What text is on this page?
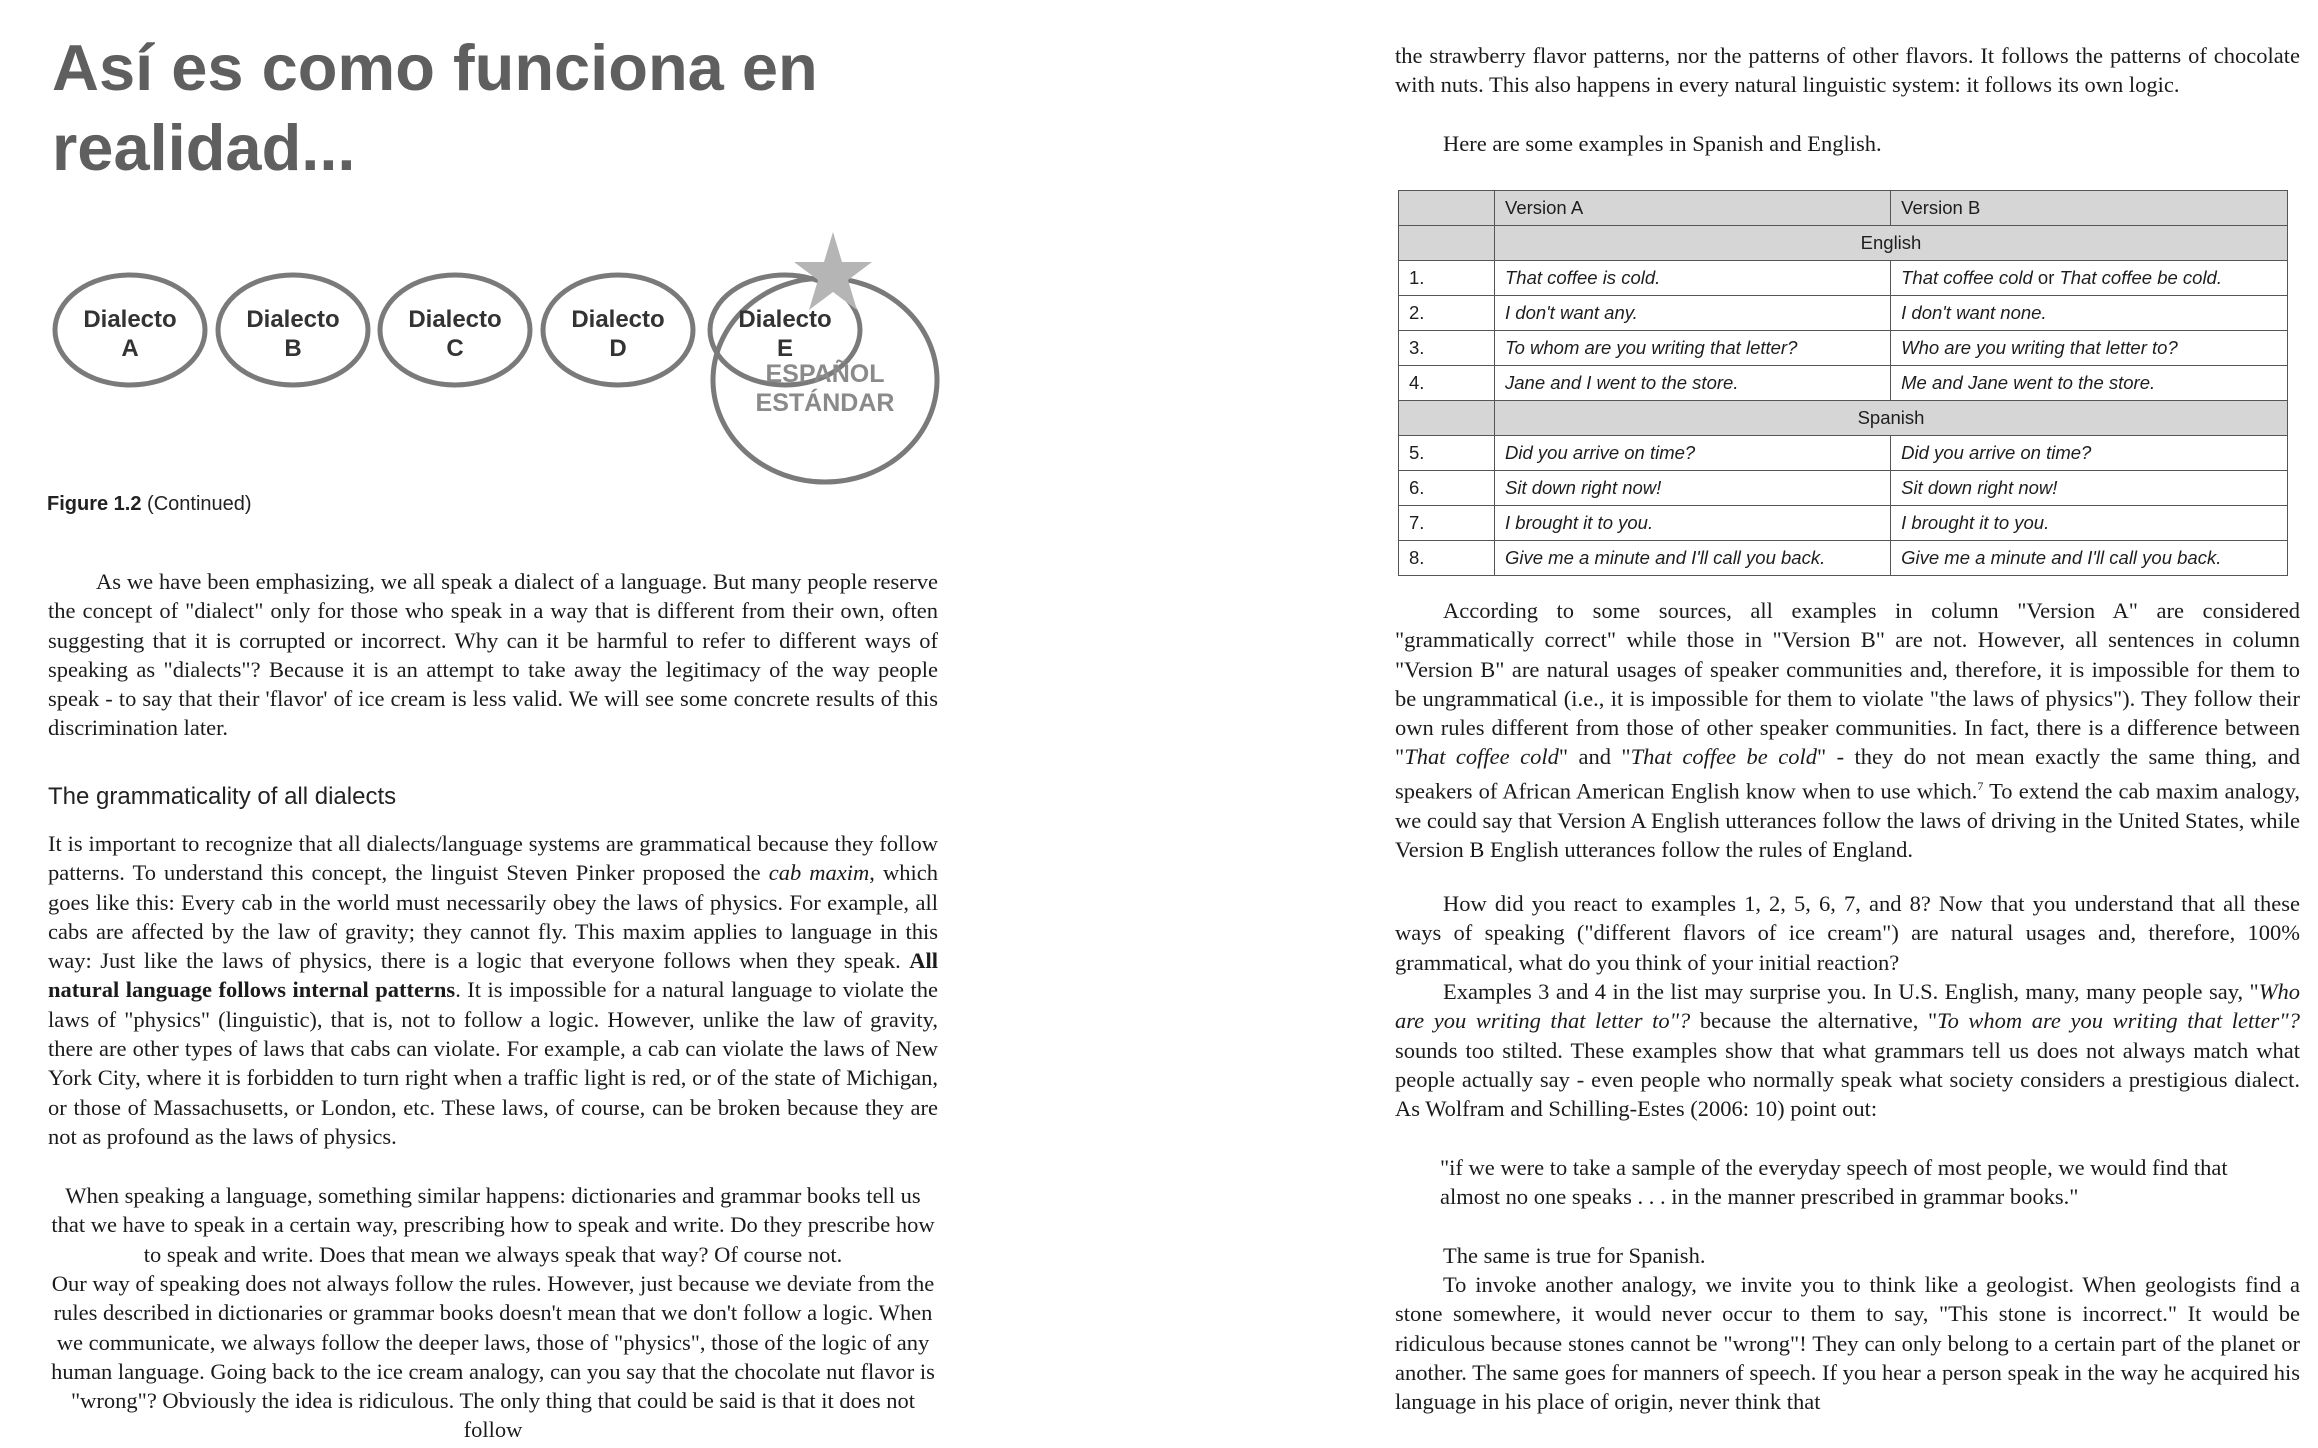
Así es como funciona en realidad...
Dialecto
A
Dialecto
B
Dialecto
C
Dialecto
D
Dialecto
E
ESPAÑOL
ESTÁNDAR
Figure 1.2 (Continued)

As we have been emphasizing, we all speak a dialect of a language. But many people reserve the concept of "dialect" only for those who speak in a way that is different from their own, often suggesting that it is corrupted or incorrect. Why can it be harmful to refer to different ways of speaking as "dialects"? Because it is an attempt to take away the legitimacy of the way people speak - to say that their 'flavor' of ice cream is less valid. We will see some concrete results of this discrimination later.

The grammaticality of all dialects

It is important to recognize that all dialects/language systems are grammatical because they follow patterns. To understand this concept, the linguist Steven Pinker proposed the cab maxim, which goes like this: Every cab in the world must necessarily obey the laws of physics. For example, all cabs are affected by the law of gravity; they cannot fly. This maxim applies to language in this way: Just like the laws of physics, there is a logic that everyone follows when they speak. All natural language follows internal patterns. It is impossible for a natural language to violate the laws of "physics" (linguistic), that is, not to follow a logic. However, unlike the law of gravity, there are other types of laws that cabs can violate. For example, a cab can violate the laws of New York City, where it is forbidden to turn right when a traffic light is red, or of the state of Michigan, or those of Massachusetts, or London, etc. These laws, of course, can be broken because they are not as profound as the laws of physics.

When speaking a language, something similar happens: dictionaries and grammar books tell us that we have to speak in a certain way, prescribing how to speak and write. Do they prescribe how to speak and write. Does that mean we always speak that way? Of course not.

Our way of speaking does not always follow the rules. However, just because we deviate from the rules described in dictionaries or grammar books doesn't mean that we don't follow a logic. When we communicate, we always follow the deeper laws, those of "physics", those of the logic of any human language. Going back to the ice cream analogy, can you say that the chocolate nut flavor is "wrong"? Obviously the idea is ridiculous. The only thing that could be said is that it does not follow

the strawberry flavor patterns, nor the patterns of other flavors. It follows the patterns of chocolate with nuts. This also happens in every natural linguistic system: it follows its own logic.

Here are some examples in Spanish and English.

	Version A	Version B
	English	
1.	That coffee is cold.	That coffee cold or That coffee be cold.
2.	I don't want any.	I don't want none.
3.	To whom are you writing that letter?	Who are you writing that letter to?
4.	Jane and I went to the store.	Me and Jane went to the store.
	Spanish	
5.	Did you arrive on time?	Did you arrive on time?
6.	Sit down right now!	Sit down right now!
7.	I brought it to you.	I brought it to you.
8.	Give me a minute and I'll call you back.	Give me a minute and I'll call you back.

According to some sources, all examples in column "Version A" are considered "grammatically correct" while those in "Version B" are not. However, all sentences in column "Version B" are natural usages of speaker communities and, therefore, it is impossible for them to be ungrammatical (i.e., it is impossible for them to violate "the laws of physics"). They follow their own rules different from those of other speaker communities. In fact, there is a difference between "That coffee cold" and "That coffee be cold" - they do not mean exactly the same thing, and speakers of African American English know when to use which.$^7$ To extend the cab maxim analogy, we could say that Version A English utterances follow the laws of driving in the United States, while Version B English utterances follow the rules of England.

How did you react to examples 1, 2, 5, 6, 7, and 8? Now that you understand that all these ways of speaking ("different flavors of ice cream") are natural usages and, therefore, 100% grammatical, what do you think of your initial reaction?

Examples 3 and 4 in the list may surprise you. In U.S. English, many, many people say, "Who are you writing that letter to"? because the alternative, "To whom are you writing that letter"? sounds too stilted. These examples show that what grammars tell us does not always match what people actually say - even people who normally speak what society considers a prestigious dialect. As Wolfram and Schilling-Estes (2006: 10) point out:

"if we were to take a sample of the everyday speech of most people, we would find that almost no one speaks . . . in the manner prescribed in grammar books."

The same is true for Spanish.

To invoke another analogy, we invite you to think like a geologist. When geologists find a stone somewhere, it would never occur to them to say, "This stone is incorrect." It would be ridiculous because stones cannot be "wrong"! They can only belong to a certain part of the planet or another. The same goes for manners of speech. If you hear a person speak in the way he acquired his language in his place of origin, never think that
